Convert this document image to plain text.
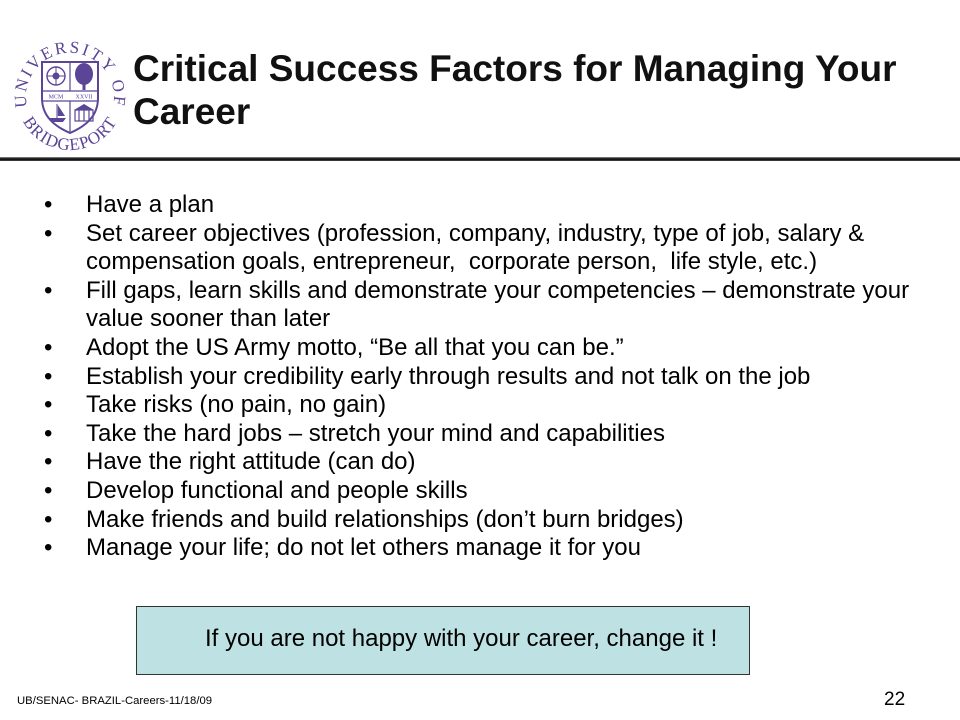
UNIVERSITY OF
BRIDGEPORT
MCM XXVII
Critical Success Factors for Managing Your Career
• Have a plan
• Set career objectives (profession, company, industry, type of job, salary & compensation goals, entrepreneur,  corporate person,  life style, etc.)
• Fill gaps, learn skills and demonstrate your competencies – demonstrate your value sooner than later
• Adopt the US Army motto, “Be all that you can be.”
• Establish your credibility early through results and not talk on the job
• Take risks (no pain, no gain)
• Take the hard jobs – stretch your mind and capabilities
• Have the right attitude (can do)
• Develop functional and people skills
• Make friends and build relationships (don’t burn bridges)
• Manage your life; do not let others manage it for you
If you are not happy with your career, change it !
UB/SENAC- BRAZIL-Careers-11/18/09	22
